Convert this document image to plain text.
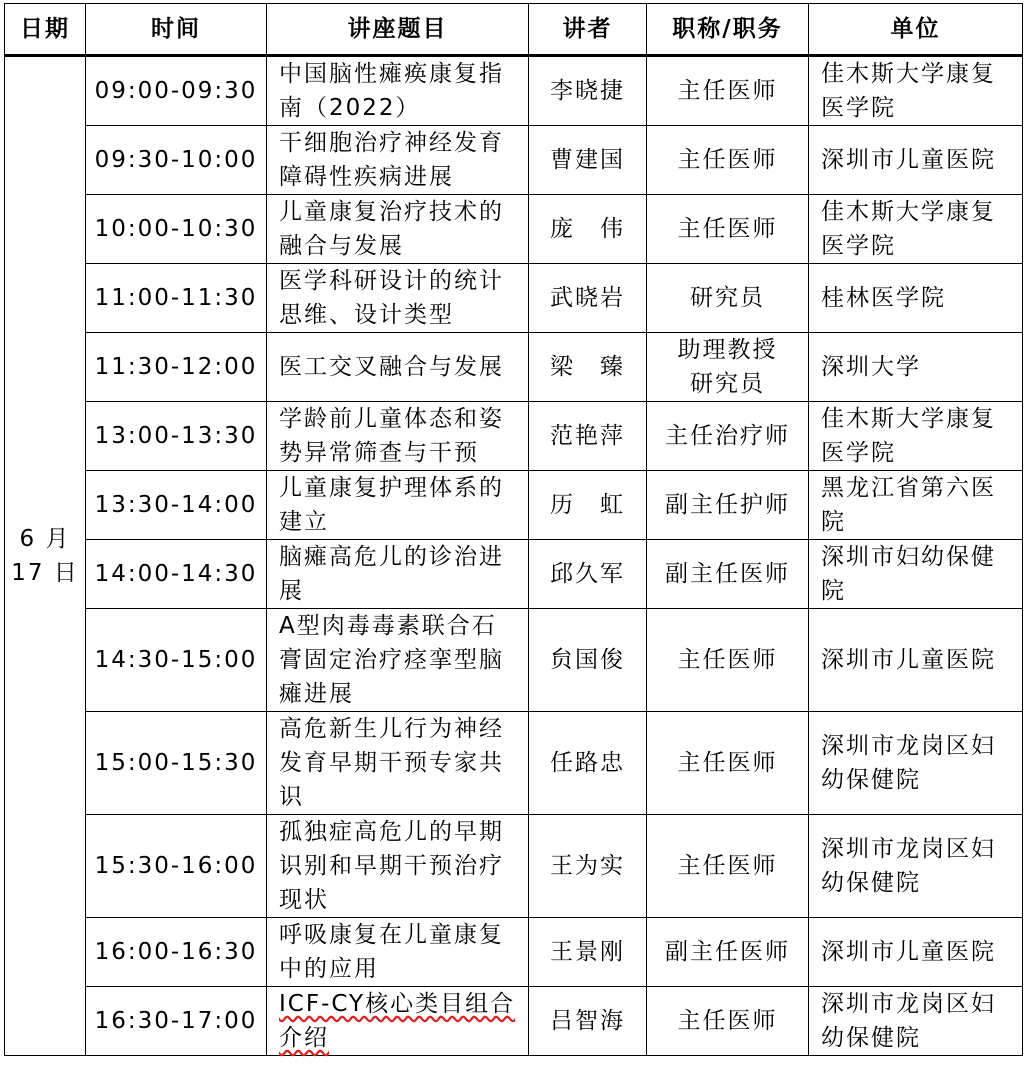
日期	时间	讲座题目	讲者	职称/职务	单位

6 月
17 日	09:00-09:30	中国脑性瘫痪康复指南（2022）	李晓捷	主任医师	佳木斯大学康复医学院
	09:30-10:00	干细胞治疗神经发育障碍性疾病进展	曹建国	主任医师	深圳市儿童医院
	10:00-10:30	儿童康复治疗技术的融合与发展	庞　伟	主任医师	佳木斯大学康复医学院
	11:00-11:30	医学科研设计的统计思维、设计类型	武晓岩	研究员	桂林医学院
	11:30-12:00	医工交叉融合与发展	梁　臻	助理教授研究员	深圳大学
	13:00-13:30	学龄前儿童体态和姿势异常筛查与干预	范艳萍	主任治疗师	佳木斯大学康复医学院
	13:30-14:00	儿童康复护理体系的建立	历　虹	副主任护师	黑龙江省第六医院
	14:00-14:30	脑瘫高危儿的诊治进展	邱久军	副主任医师	深圳市妇幼保健院
	14:30-15:00	A型肉毒毒素联合石膏固定治疗痉挛型脑瘫进展	贠国俊	主任医师	深圳市儿童医院
	15:00-15:30	高危新生儿行为神经发育早期干预专家共识	任路忠	主任医师	深圳市龙岗区妇幼保健院
	15:30-16:00	孤独症高危儿的早期识别和早期干预治疗现状	王为实	主任医师	深圳市龙岗区妇幼保健院
	16:00-16:30	呼吸康复在儿童康复中的应用	王景刚	副主任医师	深圳市儿童医院
	16:30-17:00	ICF-CY核心类目组合介绍	吕智海	主任医师	深圳市龙岗区妇幼保健院
